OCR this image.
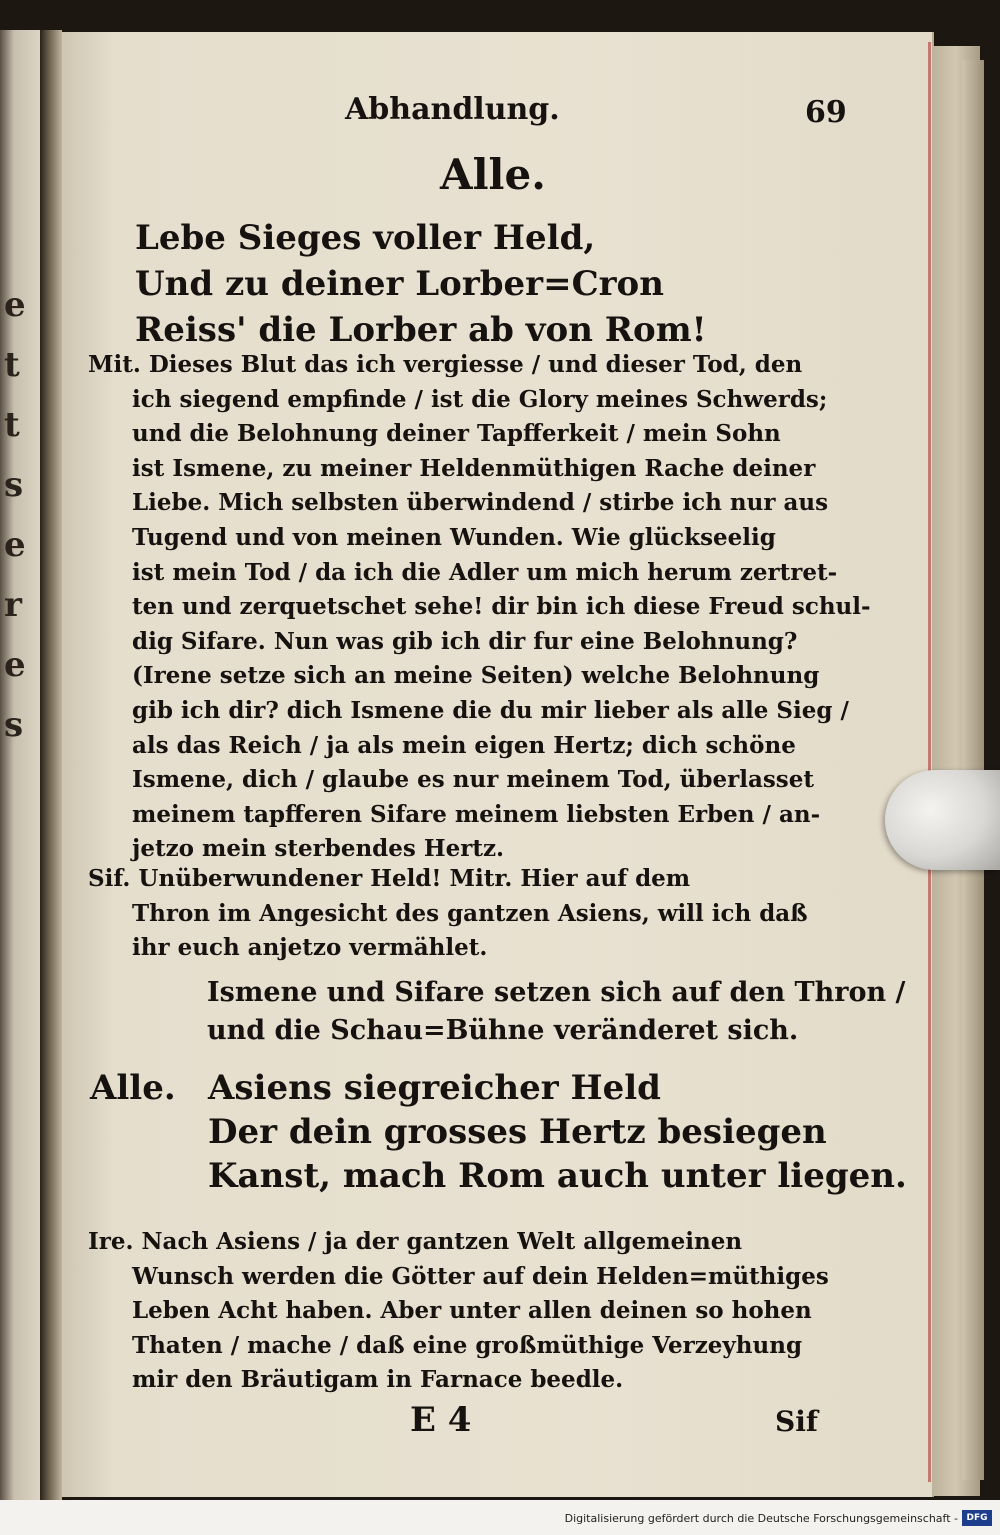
e
t
t
s
e
r
e
s
Abhandlung.	69
Alle.
Lebe Sieges voller Held,
Und zu deiner Lorber=Cron
Reiss' die Lorber ab von Rom!
Mit. Dieses Blut das ich vergiesse / und dieser Tod, den
ich siegend empfinde / ist die Glory meines Schwerds;
und die Belohnung deiner Tapfferkeit / mein Sohn
ist Ismene, zu meiner Heldenmüthigen Rache deiner
Liebe. Mich selbsten überwindend / stirbe ich nur aus
Tugend und von meinen Wunden. Wie glückseelig
ist mein Tod / da ich die Adler um mich herum zertret-
ten und zerquetschet sehe! dir bin ich diese Freud schul-
dig Sifare. Nun was gib ich dir fur eine Belohnung?
(Irene setze sich an meine Seiten) welche Belohnung
gib ich dir? dich Ismene die du mir lieber als alle Sieg /
als das Reich / ja als mein eigen Hertz; dich schöne
Ismene, dich / glaube es nur meinem Tod, überlasset
meinem tapfferen Sifare meinem liebsten Erben / an-
jetzo mein sterbendes Hertz.
Sif. Unüberwundener Held! Mitr. Hier auf dem
Thron im Angesicht des gantzen Asiens, will ich daß
ihr euch anjetzo vermählet.
Ismene und Sifare setzen sich auf den Thron /
und die Schau=Bühne veränderet sich.
Alle. Asiens siegreicher Held
Der dein grosses Hertz besiegen
Kanst, mach Rom auch unter liegen.
Ire. Nach Asiens / ja der gantzen Welt allgemeinen
Wunsch werden die Götter auf dein Helden=müthiges
Leben Acht haben. Aber unter allen deinen so hohen
Thaten / mache / daß eine großmüthige Verzeyhung
mir den Bräutigam in Farnace beedle.
E 4	Sif
Digitalisierung gefördert durch die Deutsche Forschungsgemeinschaft - DFG
